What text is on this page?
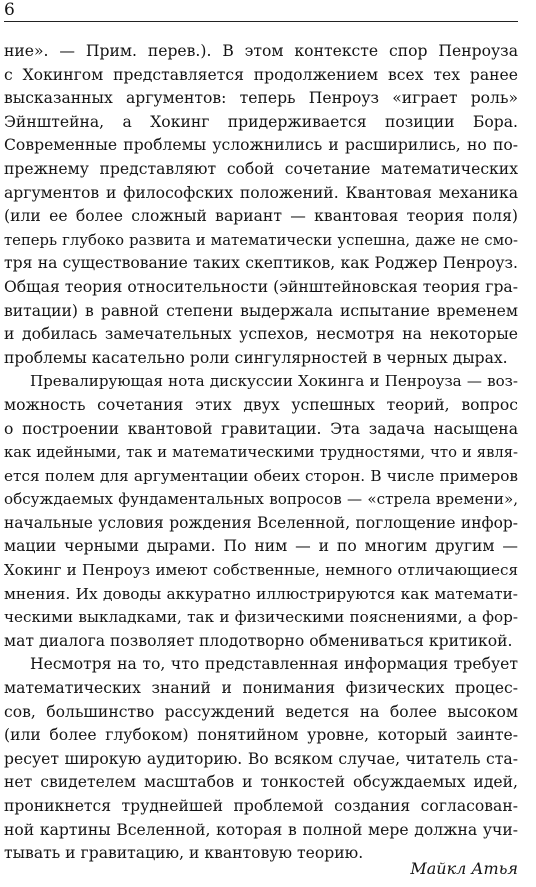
6
ние». — Прим. перев.). В этом контексте спор Пенроуза
с Хокингом представляется продолжением всех тех ранее
высказанных аргументов: теперь Пенроуз «играет роль»
Эйнштейна, а Хокинг придерживается позиции Бора.
Современные проблемы усложнились и расширились, но по-
прежнему представляют собой сочетание математических
аргументов и философских положений. Квантовая механика
(или ее более сложный вариант — квантовая теория поля)
теперь глубоко развита и математически успешна, даже не смо-
тря на существование таких скептиков, как Роджер Пенроуз.
Общая теория относительности (эйнштейновская теория гра-
витации) в равной степени выдержала испытание временем
и добилась замечательных успехов, несмотря на некоторые
проблемы касательно роли сингулярностей в черных дырах.
Превалирующая нота дискуссии Хокинга и Пенроуза — воз-
можность сочетания этих двух успешных теорий, вопрос
о построении квантовой гравитации. Эта задача насыщена
как идейными, так и математическими трудностями, что и явля-
ется полем для аргументации обеих сторон. В числе примеров
обсуждаемых фундаментальных вопросов — «стрела времени»,
начальные условия рождения Вселенной, поглощение инфор-
мации черными дырами. По ним — и по многим другим —
Хокинг и Пенроуз имеют собственные, немного отличающиеся
мнения. Их доводы аккуратно иллюстрируются как математи-
ческими выкладками, так и физическими пояснениями, а фор-
мат диалога позволяет плодотворно обмениваться критикой.
Несмотря на то, что представленная информация требует
математических знаний и понимания физических процес-
сов, большинство рассуждений ведется на более высоком
(или более глубоком) понятийном уровне, который заинте-
ресует широкую аудиторию. Во всяком случае, читатель ста-
нет свидетелем масштабов и тонкостей обсуждаемых идей,
проникнется труднейшей проблемой создания согласован-
ной картины Вселенной, которая в полной мере должна учи-
тывать и гравитацию, и квантовую теорию.
Майкл Атья
